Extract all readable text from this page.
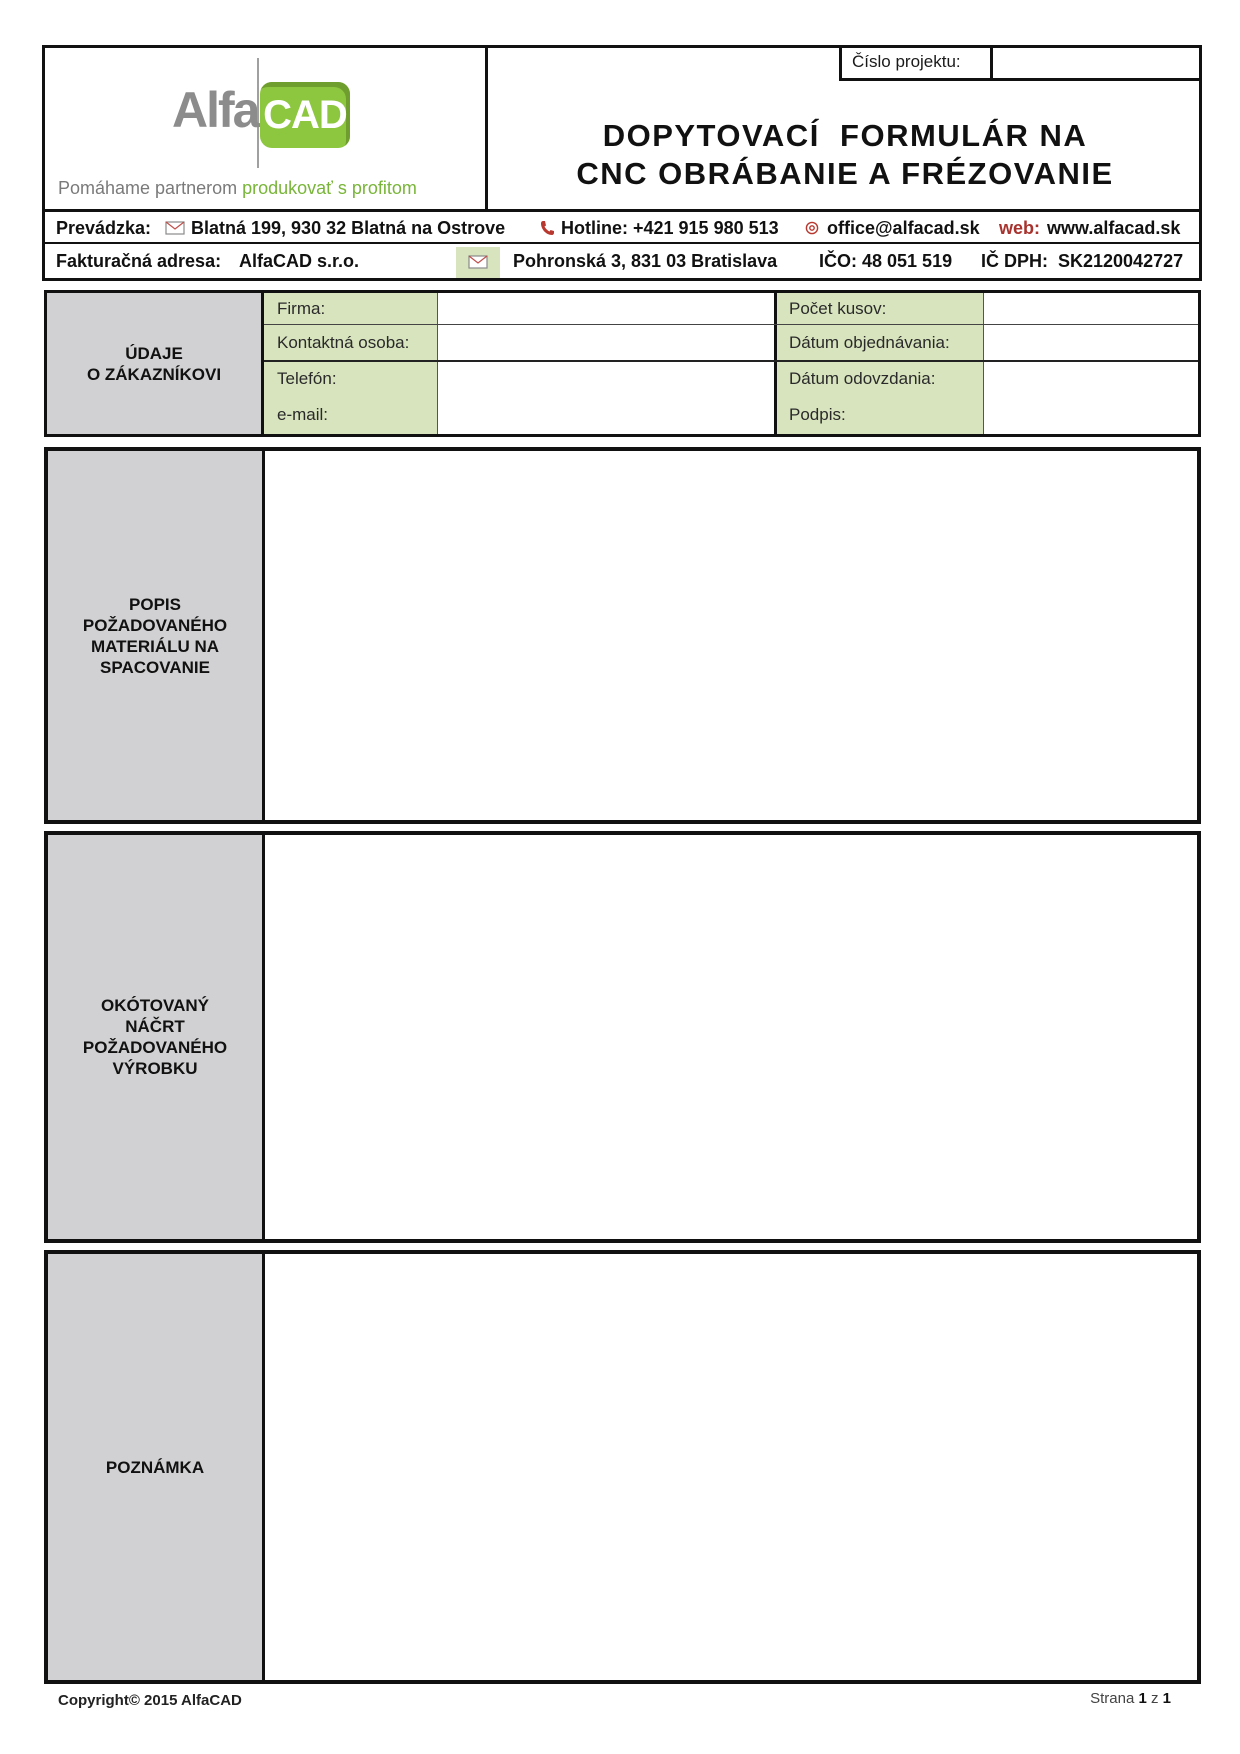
Alfa CAD
Pomáhame partnerom produkovať s profitom
Číslo projektu:
DOPYTOVACÍ  FORMULÁR NA
CNC OBRÁBANIE A FRÉZOVANIE
Prevádzka: Blatná 199, 930 32 Blatná na Ostrove	Hotline: +421 915 980 513	office@alfacad.sk web: www.alfacad.sk
Fakturačná adresa: AlfaCAD s.r.o.	Pohronská 3, 831 03 Bratislava IČO: 48 051 519 IČ DPH:  SK2120042727
ÚDAJE
O ZÁKAZNÍKOVI
Firma:
Kontaktná osoba:
Telefón:
e-mail:
Počet kusov:
Dátum objednávania:
Dátum odovzdania:
Podpis:
POPIS
POŽADOVANÉHO
MATERIÁLU NA
SPACOVANIE
OKÓTOVANÝ
NÁČRT
POŽADOVANÉHO
VÝROBKU
POZNÁMKA
Copyright© 2015 AlfaCAD	Strana 1 z 1
